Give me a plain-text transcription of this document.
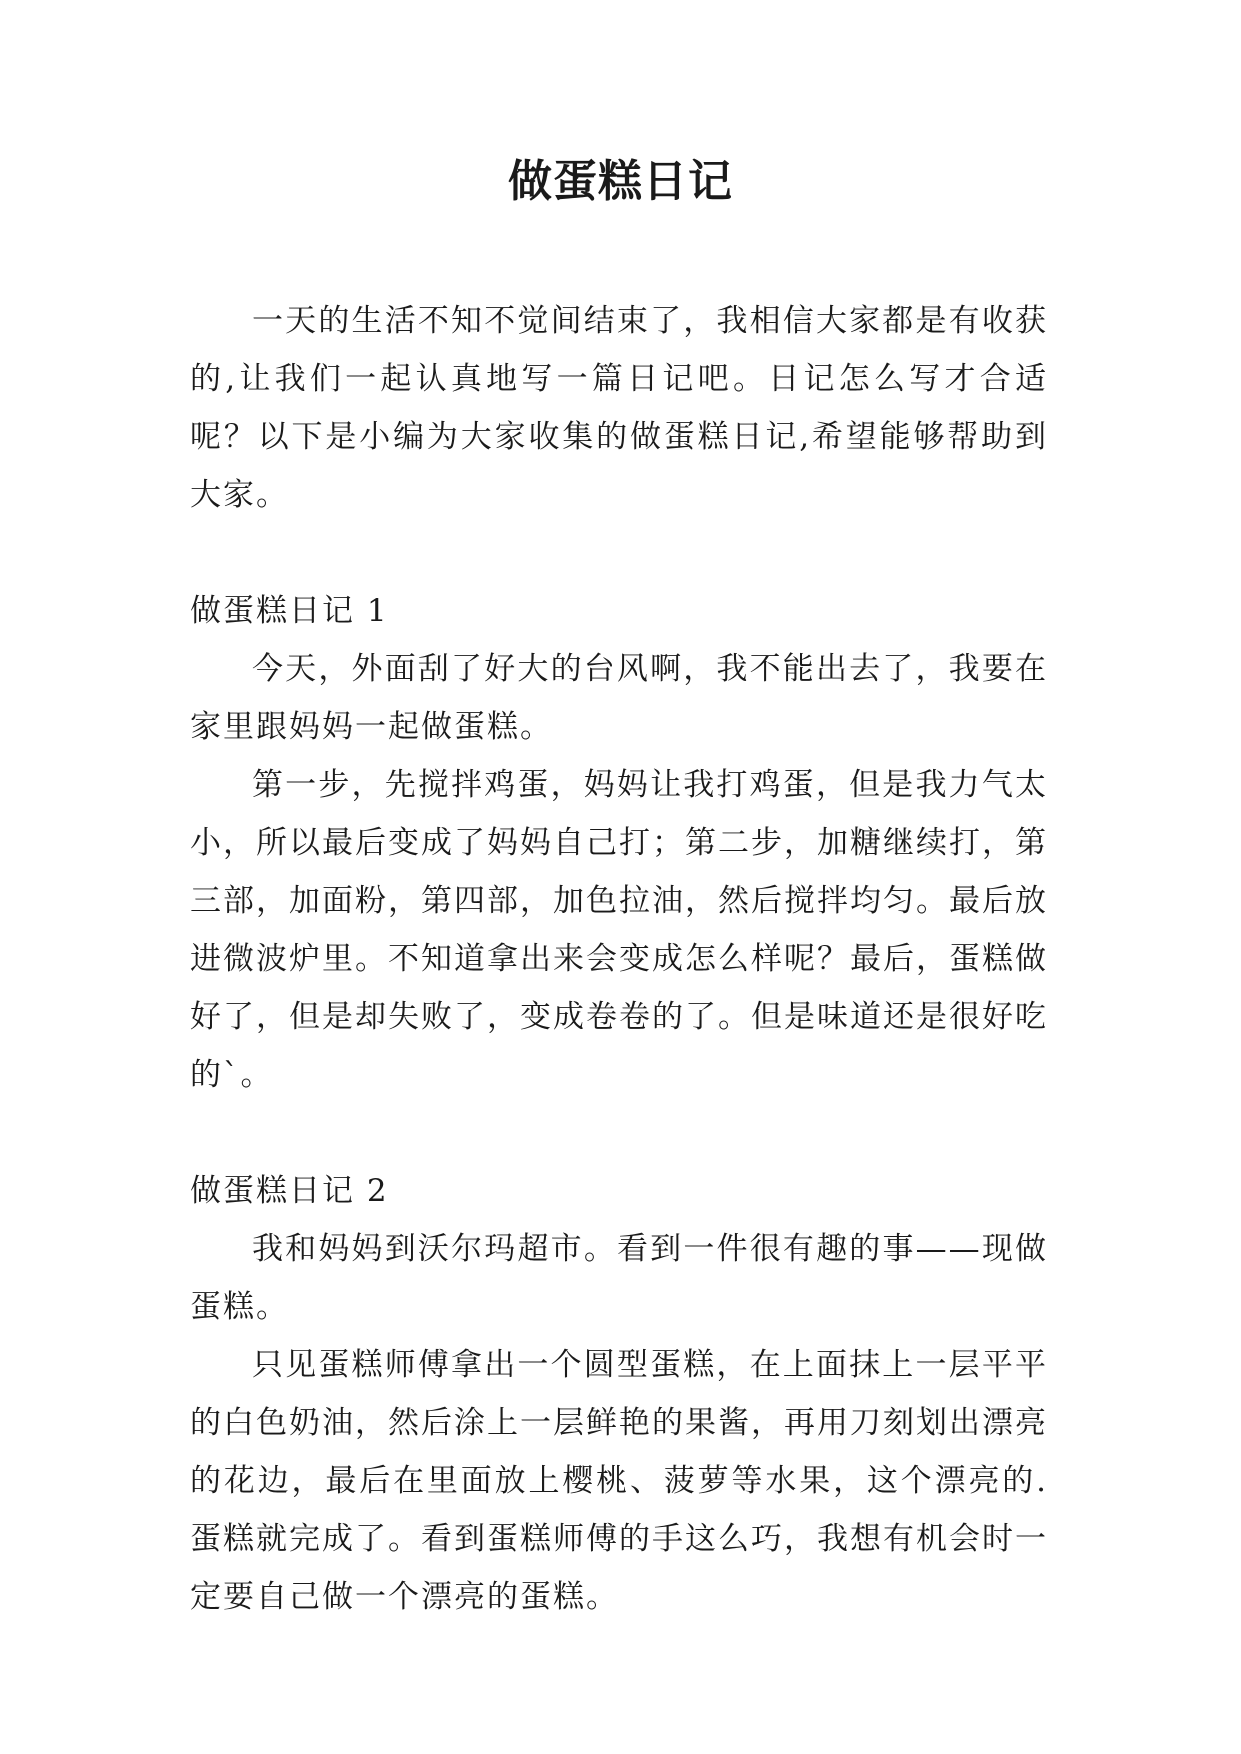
做蛋糕日记

一天的生活不知不觉间结束了，我相信大家都是有收获的,让我们一起认真地写一篇日记吧。日记怎么写才合适呢？以下是小编为大家收集的做蛋糕日记,希望能够帮助到大家。

做蛋糕日记 1

今天，外面刮了好大的台风啊，我不能出去了，我要在家里跟妈妈一起做蛋糕。

第一步，先搅拌鸡蛋，妈妈让我打鸡蛋，但是我力气太小，所以最后变成了妈妈自己打；第二步，加糖继续打，第三部，加面粉，第四部，加色拉油，然后搅拌均匀。最后放进微波炉里。不知道拿出来会变成怎么样呢？最后，蛋糕做好了，但是却失败了，变成卷卷的了。但是味道还是很好吃的`。

做蛋糕日记 2

我和妈妈到沃尔玛超市。看到一件很有趣的事——现做蛋糕。

只见蛋糕师傅拿出一个圆型蛋糕，在上面抹上一层平平的白色奶油，然后涂上一层鲜艳的果酱，再用刀刻划出漂亮的花边，最后在里面放上樱桃、菠萝等水果，这个漂亮的.蛋糕就完成了。看到蛋糕师傅的手这么巧，我想有机会时一定要自己做一个漂亮的蛋糕。
